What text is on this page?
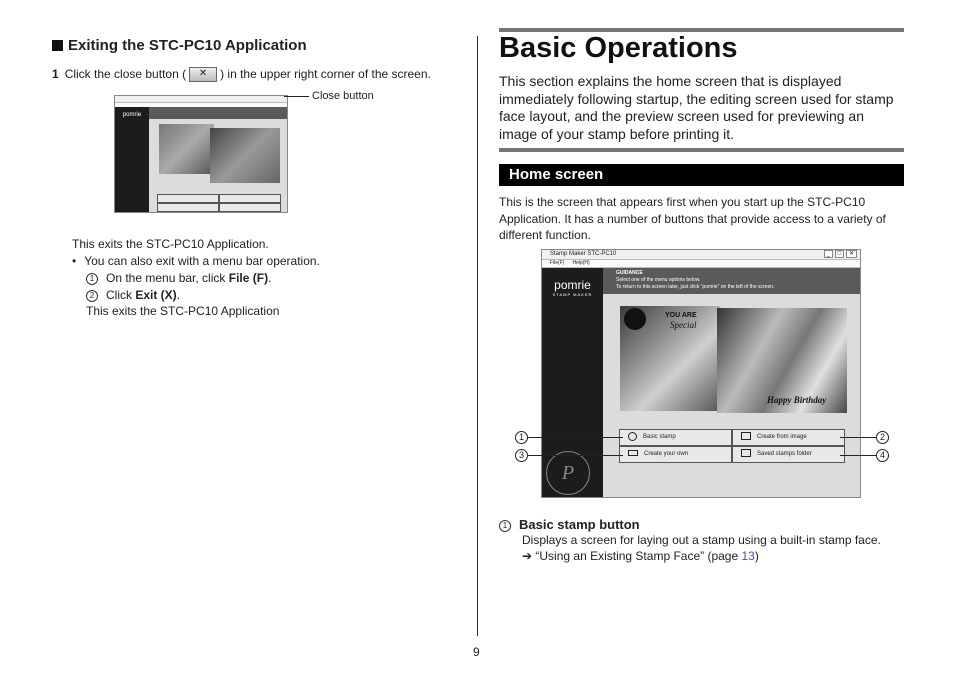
Exiting the STC-PC10 Application
1 Click the close button ( ✕ ) in the upper right corner of the screen.
pomrie
Close button
This exits the STC-PC10 Application.
• You can also exit with a menu bar operation.
1 On the menu bar, click File (F).
2 Click Exit (X).
This exits the STC-PC10 Application
Basic Operations
This section explains the home screen that is displayed immediately following startup, the editing screen used for stamp face layout, and the preview screen used for previewing an image of your stamp before printing it.
Home screen
This is the screen that appears first when you start up the STC-PC10 Application. It has a number of buttons that provide access to a variety of different function.
Stamp Maker STC-PC10
File(F) Help(H)
_ □ ✕
pomrie
STAMP MAKER
P
GUIDANCE
Select one of the menu options below.
To return to this screen later, just click “pomrie” on the left of the screen.
YOU ARE
Special
Happy Birthday
Basic stamp	Create from image
Create your own	Saved stamps folder
1
3
2
4
1 Basic stamp button
Displays a screen for laying out a stamp using a built-in stamp face.
➔ “Using an Existing Stamp Face” (page 13)
9
